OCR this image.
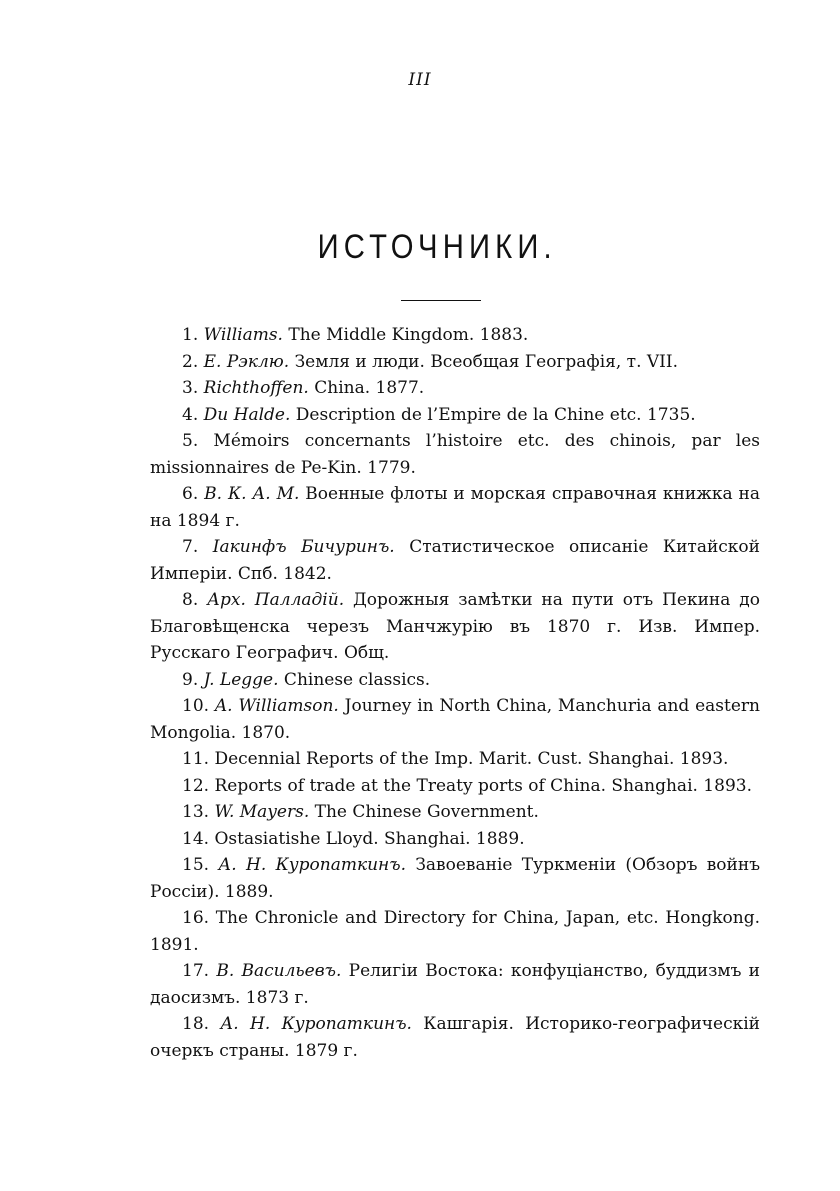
III
ИСТОЧНИКИ.
1. Williams. The Middle Kingdom. 1883.
2. E. Рэклю. Земля и люди. Всеобщая Географія, т. VII.
3. Richthoffen. China. 1877.
4. Du Halde. Description de l’Empire de la Chine etc. 1735.
5. Mémoirs concernants l’histoire etc. des chinois, par les missionnaires de Pe-Kin. 1779.
6. В. К. А. М. Военные флоты и морская справочная книжка на на 1894 г.
7. Іакинфъ Бичуринъ. Статистическое описаніе Китайской Имперіи. Спб. 1842.
8. Арх. Палладій. Дорожныя замѣтки на пути отъ Пекина до Благовѣщенска черезъ Манчжурію въ 1870 г. Изв. Импер. Русскаго Географич. Общ.
9. J. Legge. Chinese classics.
10. A. Williamson. Journey in North China, Manchuria and eastern Mongolia. 1870.
11. Decennial Reports of the Imp. Marit. Cust. Shanghai. 1893.
12. Reports of trade at the Treaty ports of China. Shanghai. 1893.
13. W. Mayers. The Chinese Government.
14. Ostasiatishe Lloyd. Shanghai. 1889.
15. А. Н. Куропаткинъ. Завоеваніе Туркменіи (Обзоръ войнъ Россіи). 1889.
16. The Chronicle and Directory for China, Japan, etc. Hongkong. 1891.
17. В. Васильевъ. Религіи Востока: конфуціанство, буддизмъ и даосизмъ. 1873 г.
18. А. Н. Куропаткинъ. Кашгарія. Историко-географическій очеркъ страны. 1879 г.
